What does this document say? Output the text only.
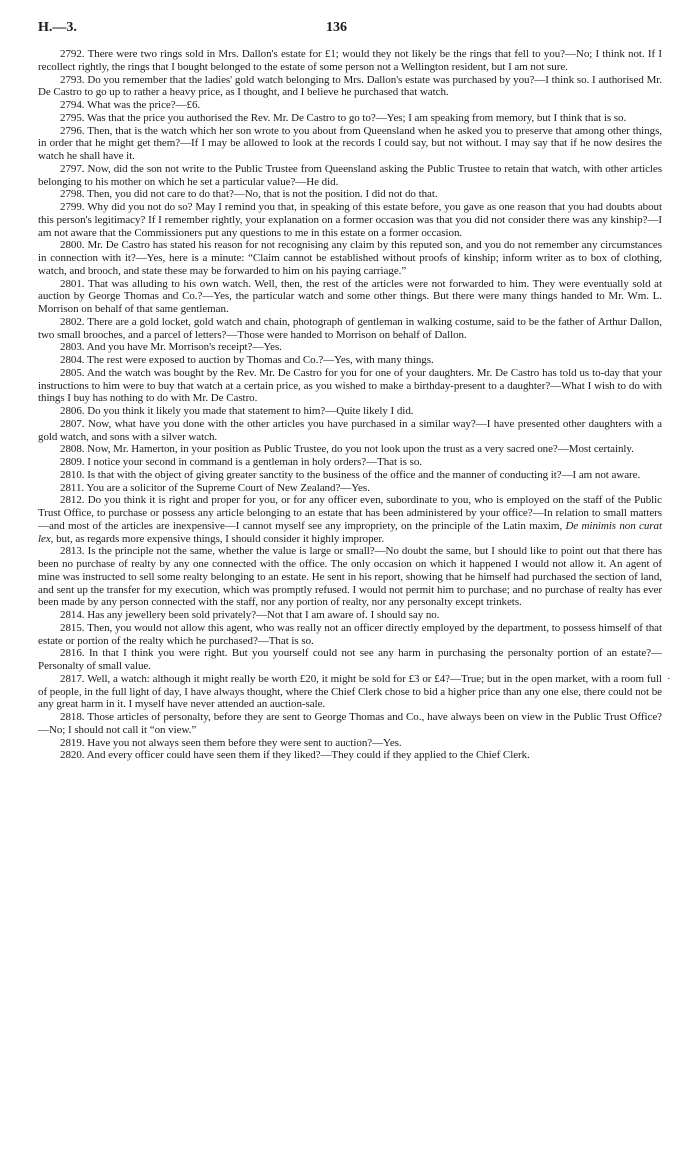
H.—3.	136
·

2792. There were two rings sold in Mrs. Dallon's estate for £1; would they not likely be the rings that fell to you?—No; I think not. If I recollect rightly, the rings that I bought belonged to the estate of some person not a Wellington resident, but I am not sure.

2793. Do you remember that the ladies' gold watch belonging to Mrs. Dallon's estate was purchased by you?—I think so. I authorised Mr. De Castro to go up to rather a heavy price, as I thought, and I believe he purchased that watch.

2794. What was the price?—£6.

2795. Was that the price you authorised the Rev. Mr. De Castro to go to?—Yes; I am speaking from memory, but I think that is so.

2796. Then, that is the watch which her son wrote to you about from Queensland when he asked you to preserve that among other things, in order that he might get them?—If I may be allowed to look at the records I could say, but not without. I may say that if he now desires the watch he shall have it.

2797. Now, did the son not write to the Public Trustee from Queensland asking the Public Trustee to retain that watch, with other articles belonging to his mother on which he set a particular value?—He did.

2798. Then, you did not care to do that?—No, that is not the position. I did not do that.

2799. Why did you not do so? May I remind you that, in speaking of this estate before, you gave as one reason that you had doubts about this person's legitimacy? If I remember rightly, your explanation on a former occasion was that you did not consider there was any kinship?—I am not aware that the Commissioners put any questions to me in this estate on a former occasion.

2800. Mr. De Castro has stated his reason for not recognising any claim by this reputed son, and you do not remember any circumstances in connection with it?—Yes, here is a minute: “Claim cannot be established without proofs of kinship; inform writer as to box of clothing, watch, and brooch, and state these may be forwarded to him on his paying carriage.”

2801. That was alluding to his own watch. Well, then, the rest of the articles were not forwarded to him. They were eventually sold at auction by George Thomas and Co.?—Yes, the particular watch and some other things. But there were many things handed to Mr. Wm. L. Morrison on behalf of that same gentleman.

2802. There are a gold locket, gold watch and chain, photograph of gentleman in walking costume, said to be the father of Arthur Dallon, two small brooches, and a parcel of letters?—Those were handed to Morrison on behalf of Dallon.

2803. And you have Mr. Morrison's receipt?—Yes.

2804. The rest were exposed to auction by Thomas and Co.?—Yes, with many things.

2805. And the watch was bought by the Rev. Mr. De Castro for you for one of your daughters. Mr. De Castro has told us to-day that your instructions to him were to buy that watch at a certain price, as you wished to make a birthday-present to a daughter?—What I wish to do with things I buy has nothing to do with Mr. De Castro.

2806. Do you think it likely you made that statement to him?—Quite likely I did.

2807. Now, what have you done with the other articles you have purchased in a similar way?—I have presented other daughters with a gold watch, and sons with a silver watch.

2808. Now, Mr. Hamerton, in your position as Public Trustee, do you not look upon the trust as a very sacred one?—Most certainly.

2809. I notice your second in command is a gentleman in holy orders?—That is so.

2810. Is that with the object of giving greater sanctity to the business of the office and the manner of conducting it?—I am not aware.

2811. You are a solicitor of the Supreme Court of New Zealand?—Yes.

2812. Do you think it is right and proper for you, or for any officer even, subordinate to you, who is employed on the staff of the Public Trust Office, to purchase or possess any article belonging to an estate that has been administered by your office?—In relation to small matters—and most of the articles are inexpensive—I cannot myself see any impropriety, on the principle of the Latin maxim, De minimis non curat lex, but, as regards more expensive things, I should consider it highly improper.

2813. Is the principle not the same, whether the value is large or small?—No doubt the same, but I should like to point out that there has been no purchase of realty by any one connected with the office. The only occasion on which it happened I would not allow it. An agent of mine was instructed to sell some realty belonging to an estate. He sent in his report, showing that he himself had purchased the section of land, and sent up the transfer for my execution, which was promptly refused. I would not permit him to purchase; and no purchase of realty has ever been made by any person connected with the staff, nor any portion of realty, nor any personalty except trinkets.

2814. Has any jewellery been sold privately?—Not that I am aware of. I should say no.

2815. Then, you would not allow this agent, who was really not an officer directly employed by the department, to possess himself of that estate or portion of the realty which he purchased?—That is so.

2816. In that I think you were right. But you yourself could not see any harm in purchasing the personalty portion of an estate?—Personalty of small value.

2817. Well, a watch: although it might really be worth £20, it might be sold for £3 or £4?—True; but in the open market, with a room full of people, in the full light of day, I have always thought, where the Chief Clerk chose to bid a higher price than any one else, there could not be any great harm in it. I myself have never attended an auction-sale.

2818. Those articles of personalty, before they are sent to George Thomas and Co., have always been on view in the Public Trust Office?—No; I should not call it “on view.”

2819. Have you not always seen them before they were sent to auction?—Yes.

2820. And every officer could have seen them if they liked?—They could if they applied to the Chief Clerk.
